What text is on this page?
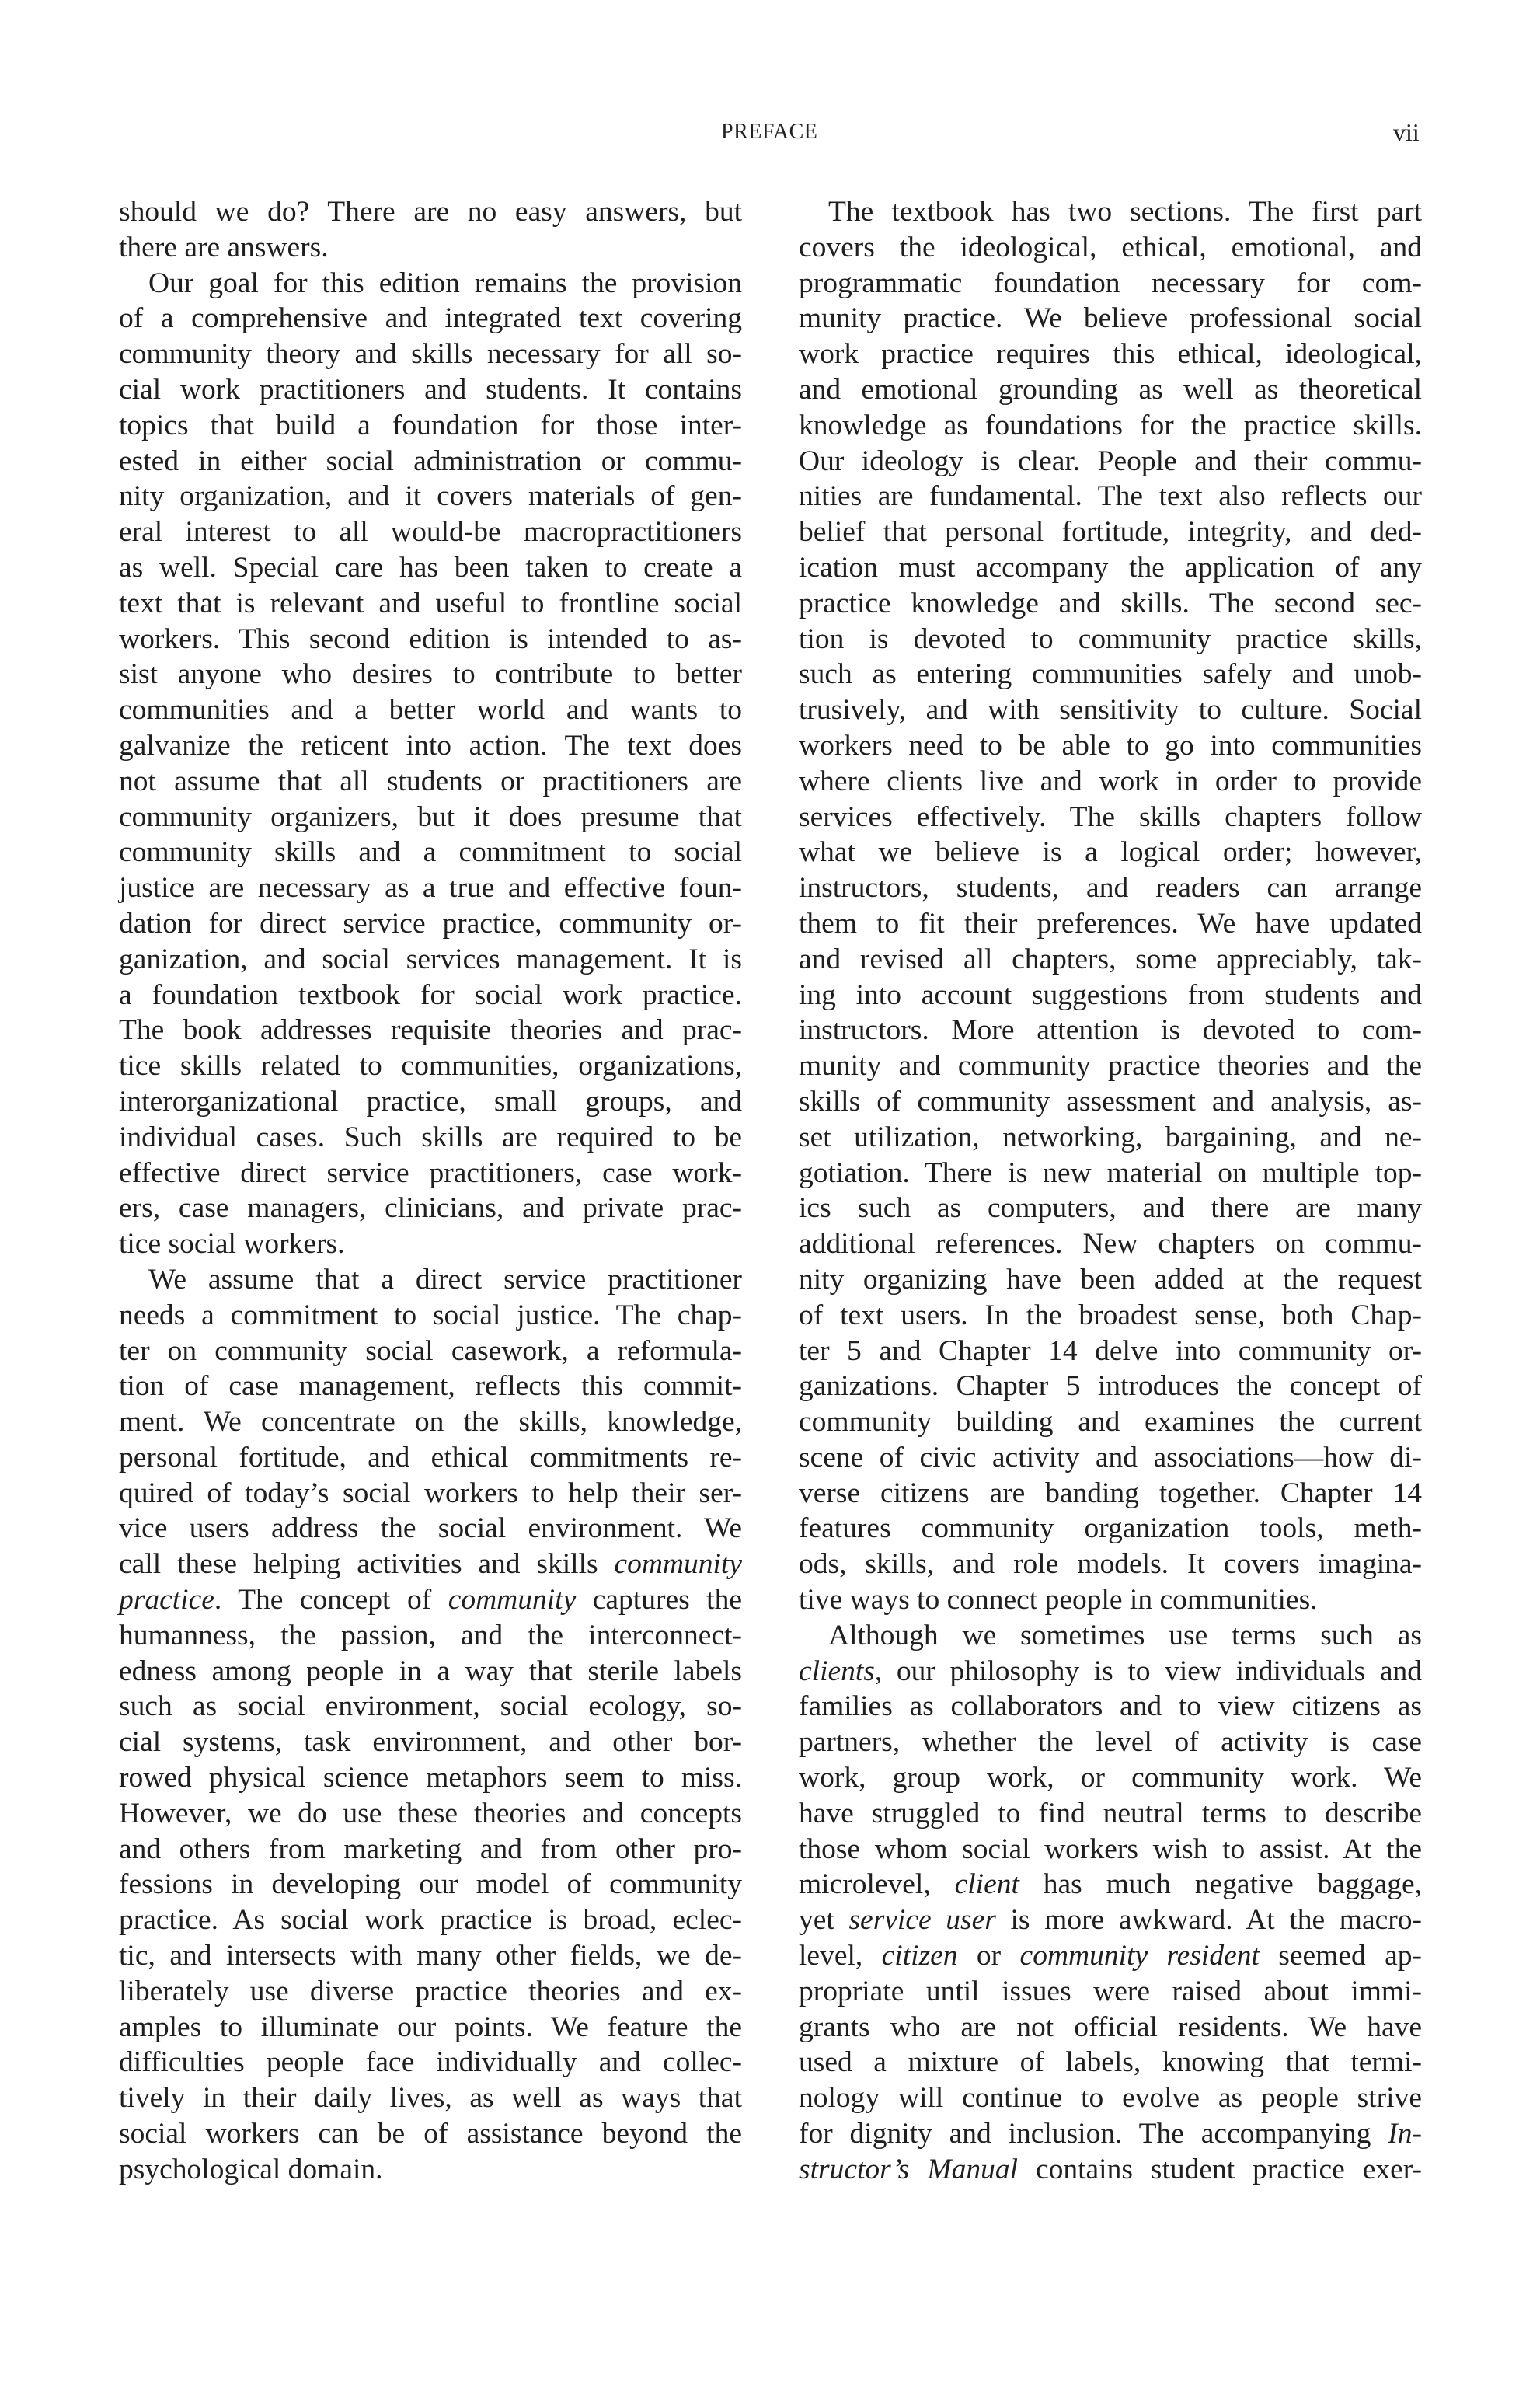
PREFACE	vii
should we do? There are no easy answers, but
there are answers.
Our goal for this edition remains the provision
of a comprehensive and integrated text covering
community theory and skills necessary for all so-
cial work practitioners and students. It contains
topics that build a foundation for those inter-
ested in either social administration or commu-
nity organization, and it covers materials of gen-
eral interest to all would-be macropractitioners
as well. Special care has been taken to create a
text that is relevant and useful to frontline social
workers. This second edition is intended to as-
sist anyone who desires to contribute to better
communities and a better world and wants to
galvanize the reticent into action. The text does
not assume that all students or practitioners are
community organizers, but it does presume that
community skills and a commitment to social
justice are necessary as a true and effective foun-
dation for direct service practice, community or-
ganization, and social services management. It is
a foundation textbook for social work practice.
The book addresses requisite theories and prac-
tice skills related to communities, organizations,
interorganizational practice, small groups, and
individual cases. Such skills are required to be
effective direct service practitioners, case work-
ers, case managers, clinicians, and private prac-
tice social workers.
We assume that a direct service practitioner
needs a commitment to social justice. The chap-
ter on community social casework, a reformula-
tion of case management, reflects this commit-
ment. We concentrate on the skills, knowledge,
personal fortitude, and ethical commitments re-
quired of today’s social workers to help their ser-
vice users address the social environment. We
call these helping activities and skills community
practice. The concept of community captures the
humanness, the passion, and the interconnect-
edness among people in a way that sterile labels
such as social environment, social ecology, so-
cial systems, task environment, and other bor-
rowed physical science metaphors seem to miss.
However, we do use these theories and concepts
and others from marketing and from other pro-
fessions in developing our model of community
practice. As social work practice is broad, eclec-
tic, and intersects with many other fields, we de-
liberately use diverse practice theories and ex-
amples to illuminate our points. We feature the
difficulties people face individually and collec-
tively in their daily lives, as well as ways that
social workers can be of assistance beyond the
psychological domain.
The textbook has two sections. The first part
covers the ideological, ethical, emotional, and
programmatic foundation necessary for com-
munity practice. We believe professional social
work practice requires this ethical, ideological,
and emotional grounding as well as theoretical
knowledge as foundations for the practice skills.
Our ideology is clear. People and their commu-
nities are fundamental. The text also reflects our
belief that personal fortitude, integrity, and ded-
ication must accompany the application of any
practice knowledge and skills. The second sec-
tion is devoted to community practice skills,
such as entering communities safely and unob-
trusively, and with sensitivity to culture. Social
workers need to be able to go into communities
where clients live and work in order to provide
services effectively. The skills chapters follow
what we believe is a logical order; however,
instructors, students, and readers can arrange
them to fit their preferences. We have updated
and revised all chapters, some appreciably, tak-
ing into account suggestions from students and
instructors. More attention is devoted to com-
munity and community practice theories and the
skills of community assessment and analysis, as-
set utilization, networking, bargaining, and ne-
gotiation. There is new material on multiple top-
ics such as computers, and there are many
additional references. New chapters on commu-
nity organizing have been added at the request
of text users. In the broadest sense, both Chap-
ter 5 and Chapter 14 delve into community or-
ganizations. Chapter 5 introduces the concept of
community building and examines the current
scene of civic activity and associations—how di-
verse citizens are banding together. Chapter 14
features community organization tools, meth-
ods, skills, and role models. It covers imagina-
tive ways to connect people in communities.
Although we sometimes use terms such as
clients, our philosophy is to view individuals and
families as collaborators and to view citizens as
partners, whether the level of activity is case
work, group work, or community work. We
have struggled to find neutral terms to describe
those whom social workers wish to assist. At the
microlevel, client has much negative baggage,
yet service user is more awkward. At the macro-
level, citizen or community resident seemed ap-
propriate until issues were raised about immi-
grants who are not official residents. We have
used a mixture of labels, knowing that termi-
nology will continue to evolve as people strive
for dignity and inclusion. The accompanying In-
structor’s Manual contains student practice exer-
